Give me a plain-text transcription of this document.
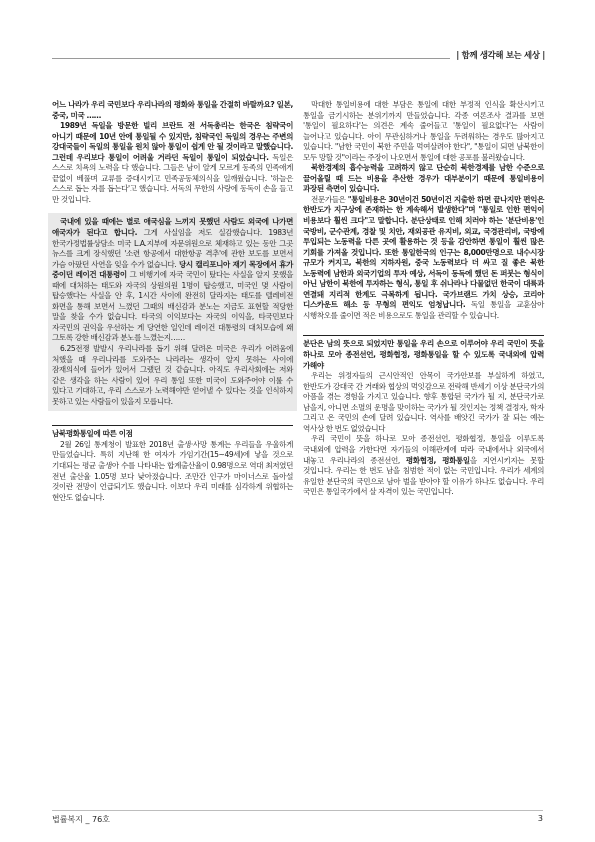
| 함께 생각해 보는 세상 |

어느 나라가 우리 국민보다 우리나라의 평화와 통일을 간절히 바랄까요? 일본, 중국, 미국 ……

1989년 독일을 방문한 빌리 브란트 전 서독총리는 한국은 침략국이 아니기 때문에 10년 안에 통일될 수 있지만, 침략국인 독일의 경우는 주변의 강대국들이 독일의 통일을 원치 않아 통일이 쉽게 안 될 것이라고 말했습니다. 그런데 우리보다 통일이 어려울 거라던 독일이 통일이 되었습니다. 독일은 스스로 치욕의 노력을 다 했습니다. 그들은 남이 알게 모르게 동족의 민족애게 끝없이 베풀며 교류를 증대시키고 민족공동체의식을 일깨웠습니다. '하늘은 스스로 돕는 자를 돕는다'고 했습니다. 서독의 무한의 사랑에 동독이 손을 들고 만 것입니다.

국내에 있을 때에는 별로 애국심을 느끼지 못했던 사람도 외국에 나가면 애국자가 된다고 합니다. 그게 사실임을 저도 실감했습니다. 1983년 한국가정법률상담소 미국 L.A.지부에 자문위원으로 체재하고 있는 동안 그곳 뉴스를 크게 장식했던 '소련 항공에서 대한항공 격추'에 관한 보도를 보면서 가슴 아팠던 사연을 잊을 수가 없습니다. 당시 캘리포니아 재기 목장에서 휴가 중이던 레이건 대통령이 그 비행기에 자국 국민이 탔다는 사실을 알지 못했을 때에 대처하는 태도와 자국의 상원의원 1명이 탑승했고, 미국인 몇 사람이 탑승했다는 사실을 안 후, 1시간 사이에 완전히 달라지는 태도를 텔레비전 화면을 통해 보면서 느꼈던 그때의 배신감과 분노는 지금도 표현할 적당한 말을 찾을 수가 없습니다. 타국의 이익보다는 자국의 이익을, 타국민보다 자국민의 권익을 우선하는 게 당연한 일인데 레이건 대통령의 대처모습에 왜 그토록 강한 배신감과 분노를 느꼈는지……

6.25전쟁 발발시 우리나라를 돕기 위해 달려온 미국은 우리가 어려움에 처했을 때 우리나라를 도와주는 나라라는 생각이 알지 못하는 사이에 잠재의식에 들어가 있어서 그랬던 것 같습니다. 아직도 우리사회에는 저와 같은 생각을 하는 사람이 있어 우리 통일 또한 미국이 도와주어야 이룰 수 있다고 기대하고, 우리 스스로가 노력해야만 얻어낼 수 있다는 것을 인식하지 못하고 있는 사람들이 있을지 모릅니다.

남북평화통일에 따른 이점

2월 26일 통계청이 발표한 2018년 출생·사망 통계는 우리들을 우울하게 만들었습니다. 특히 지난해 한 여자가 가임기간(15~49세)에 낳을 것으로 기대되는 평균 출생아 수를 나타내는 합계출산율이 0.98명으로 역대 최저였던 전년 출산율 1.05명 보다 낮아졌습니다. 조만간 인구가 마이너스로 돌아설 것이란 전망이 언급되기도 했습니다. 이보다 우리 미래를 심각하게 위협하는 현안도 없습니다.

막대한 통일비용에 대한 부담은 통일에 대한 부정적 인식을 확산시키고 통일을 금기시하는 분위기까지 만들었습니다. 각종 여론조사 결과를 보면 '통일이 필요하다'는 의견은 계속 줄어들고 '통일이 필요없다'는 사람이 늘어나고 있습니다. 아이 무관심하거나 통일을 두려워하는 경우도 많아지고 있습니다. "남한 국민이 북한 주민을 먹여살려야 한다", "통일이 되면 남북한이 모두 망할 것"이라는 주장이 나오면서 통일에 대한 공포를 불러왔습니다.

북한경제의 흡수능력을 고려하지 않고 단순히 북한경제를 남한 수준으로 끌어올릴 때 드는 비용을 추산한 경우가 대부분이기 때문에 통일비용이 과장된 측면이 있습니다.

전문가들은 "통일비용은 30년이건 50년이건 지출한 하면 끝나지만 편익은 한반도가 지구상에 존재하는 한 계속해서 발생한다"며 "통일로 인한 편익이 비용보다 훨씬 크다"고 말합니다. 분단상태로 인해 치러야 하는 '분단비용'인 국방비, 군수관계, 경찰 및 치안, 재외공관 유지비, 외교, 국경관리비, 국방에 투입되는 노동력을 다른 곳에 활용하는 것 등을 감안하면 통일이 훨씬 많은 기회를 가져올 것입니다. 또한 통일한국의 인구는 8,000만명으로 내수시장 규모가 커지고, 북한의 지하자원, 중국 노동력보다 더 싸고 질 좋은 북한 노동력에 남한과 외국기업의 투자 예상, 서독이 동독에 했던 돈 퍼붓는 형식이 아닌 남한이 북한에 투자하는 형식, 통일 후 쉬나라나 다물없던 한국이 대륙과 연결돼 지리적 한계도 극복하게 됩니다. 국가브랜드 가치 상승, 코리아 디스카운트 해소 등 무형의 편익도 엄청납니다. 독일 통일을 교훈삼아 시행착오를 줄이면 적은 비용으로도 통일을 관리할 수 있습니다.

분단은 남의 뜻으로 되었지만 통일을 우리 손으로 이루어야 우리 국민이 뜻을 하나로 모아 종전선언, 평화협정, 평화통일을 할 수 있도록 국내외에 압력 가해야

우리는 위정자들의 근시안적인 안목이 국가안보를 부실하게 하였고, 한반도가 강대국 간 거래와 협상의 먹잇감으로 전락해 반세기 이상 분단국가의 아픔을 겪는 경험을 가지고 있습니다. 향후 통합된 국가가 될 지, 분단국가로 남을지, 아니면 소멸의 운명을 맞이하는 국가가 될 것인지는 정책 결정자, 학자 그리고 온 국민의 손에 달려 있습니다. 역사를 배앗긴 국가가 잘 되는 예는 역사상 한 번도 없었습니다

우리 국민이 뜻을 하나로 모아 종전선언, 평화협정, 통일을 이루도록 국내외에 압력을 가한다면 자기들의 이해관계에 따라 국내에서나 외국에서 내놓고 우리나라의 종전선언, 평화협정, 평화통일을 지연시키지는 못할 것입니다. 우리는 한 번도 남을 침범한 적이 없는 국민입니다. 우리가 세계의 유일한 분단국의 국민으로 남아 벌을 받아야 할 이유가 하나도 없습니다. 우리 국민은 통일국가에서 살 자격이 있는 국민입니다.

법률복지 _ 76호	3
